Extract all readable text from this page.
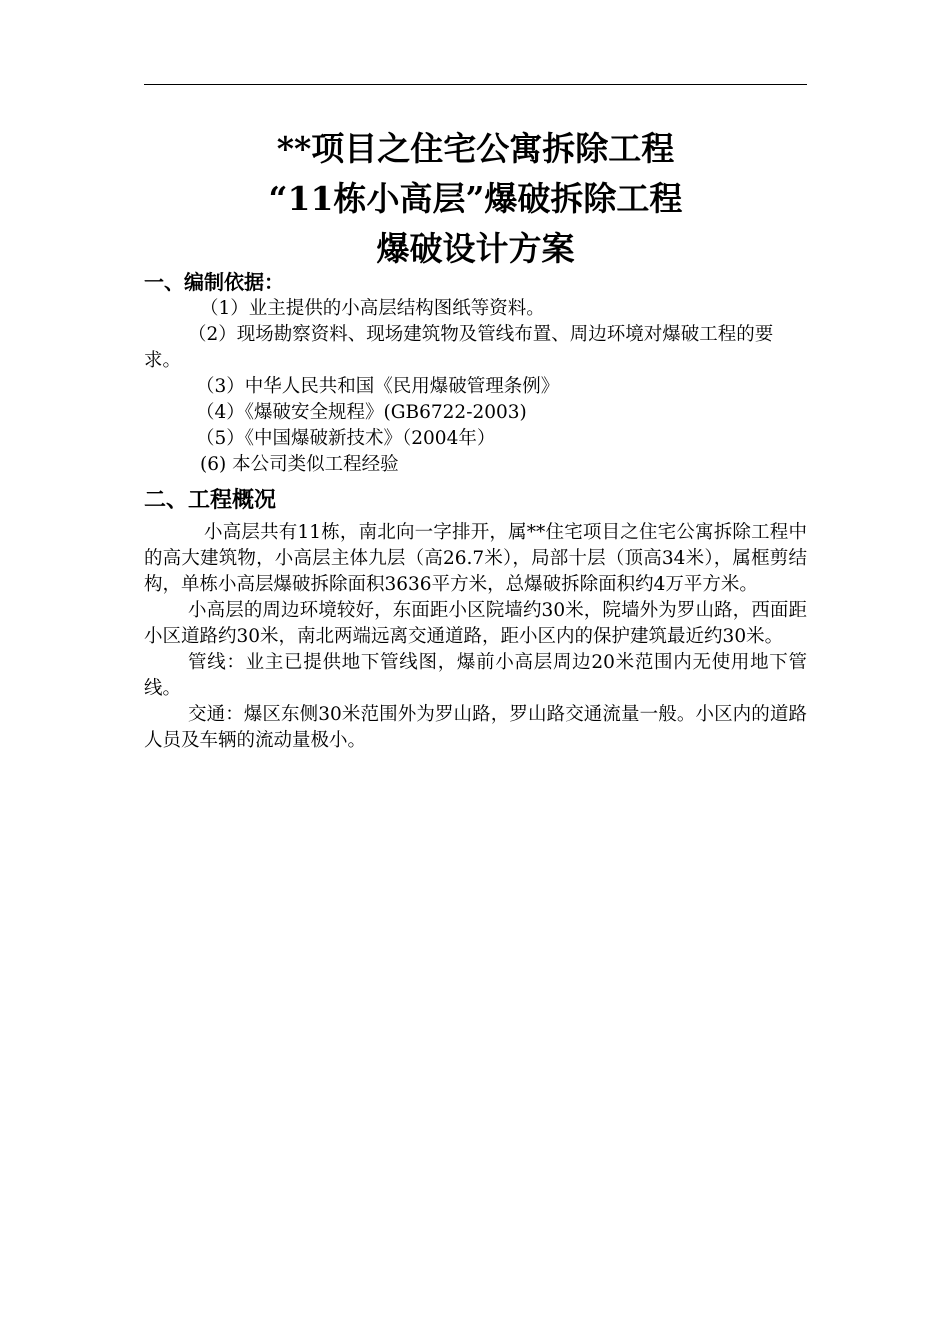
**项目之住宅公寓拆除工程
“11栋小高层”爆破拆除工程
爆破设计方案
一、编制依据：
（1）业主提供的小高层结构图纸等资料。
（2）现场勘察资料、现场建筑物及管线布置、周边环境对爆破工程的要求。
（3）中华人民共和国《民用爆破管理条例》
（4）《爆破安全规程》(GB6722-2003)
（5）《中国爆破新技术》（2004年）
(6) 本公司类似工程经验
二、工程概况

小高层共有11栋，南北向一字排开，属**住宅项目之住宅公寓拆除工程中的高大建筑物，小高层主体九层（高26.7米），局部十层（顶高34米），属框剪结构，单栋小高层爆破拆除面积3636平方米，总爆破拆除面积约4万平方米。

小高层的周边环境较好，东面距小区院墙约30米，院墙外为罗山路，西面距小区道路约30米，南北两端远离交通道路，距小区内的保护建筑最近约30米。

管线：业主已提供地下管线图，爆前小高层周边20米范围内无使用地下管线。

交通：爆区东侧30米范围外为罗山路，罗山路交通流量一般。小区内的道路人员及车辆的流动量极小。
